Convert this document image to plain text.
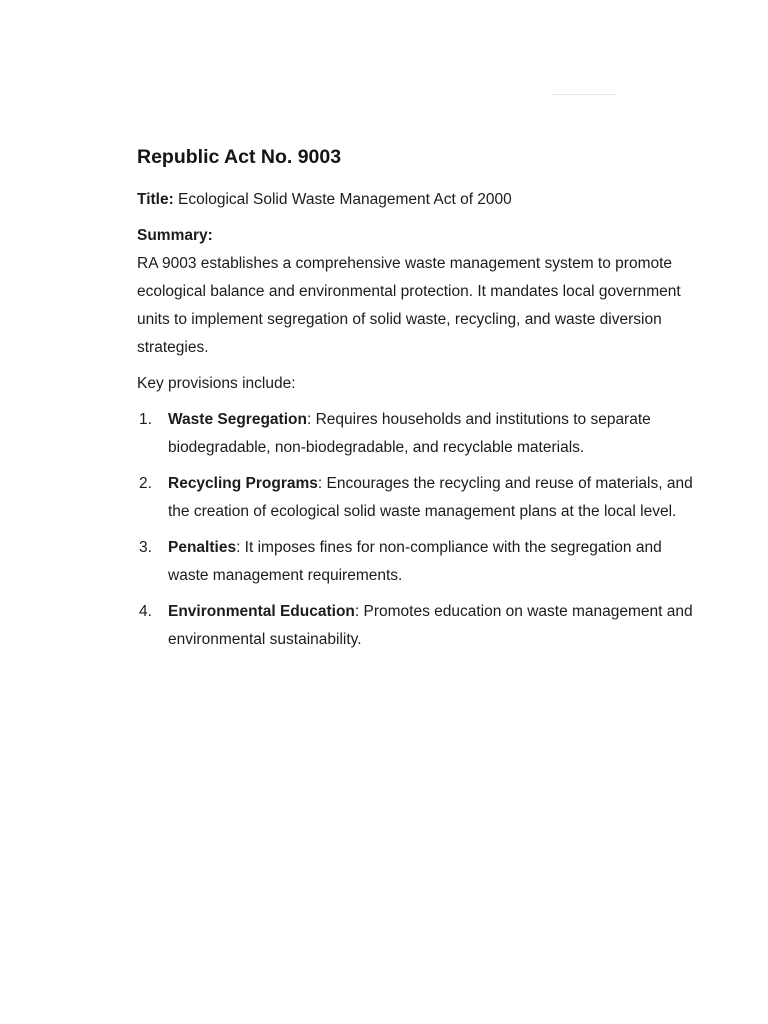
Republic Act No. 9003

Title: Ecological Solid Waste Management Act of 2000

Summary:

RA 9003 establishes a comprehensive waste management system to promote ecological balance and environmental protection. It mandates local government units to implement segregation of solid waste, recycling, and waste diversion strategies.

Key provisions include:

1. Waste Segregation: Requires households and institutions to separate biodegradable, non-biodegradable, and recyclable materials.
2. Recycling Programs: Encourages the recycling and reuse of materials, and the creation of ecological solid waste management plans at the local level.
3. Penalties: It imposes fines for non-compliance with the segregation and waste management requirements.
4. Environmental Education: Promotes education on waste management and environmental sustainability.
